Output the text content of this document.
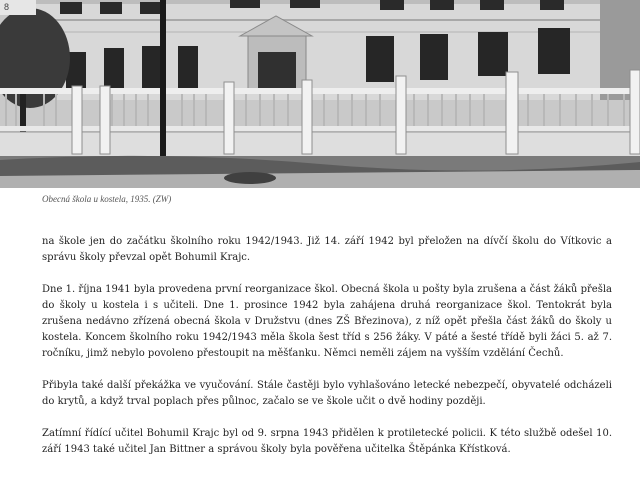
8
Obecná škola u kostela, 1935. (ZW)

na škole jen do začátku školního roku 1942/1943. Již 14. září 1942 byl přeložen na dívčí školu do Vítkovic a správu školy převzal opět Bohumil Krajc.

Dne 1. října 1941 byla provedena první reorganizace škol. Obecná škola u pošty byla zrušena a část žáků přešla do školy u kostela i s učiteli. Dne 1. prosince 1942 byla zahájena druhá reorganizace škol. Tentokrát byla zrušena nedávno zřízená obecná škola v Družstvu (dnes ZŠ Březinova), z níž opět přešla část žáků do školy u kostela. Koncem školního roku 1942/1943 měla škola šest tříd s 256 žáky. V páté a šesté třídě byli žáci 5. až 7. ročníku, jimž nebylo povoleno přestoupit na měšťanku. Němci neměli zájem na vyšším vzdělání Čechů.

Přibyla také další překážka ve vyučování. Stále častěji bylo vyhlašováno letecké nebezpečí, obyvatelé odcházeli do krytů, a když trval poplach přes půlnoc, začalo se ve škole učit o dvě hodiny později.

Zatímní řídící učitel Bohumil Krajc byl od 9. srpna 1943 přidělen k protiletecké policii. K této službě odešel 10. září 1943 také učitel Jan Bittner a správou školy byla pověřena učitelka Štěpánka Křístková.
